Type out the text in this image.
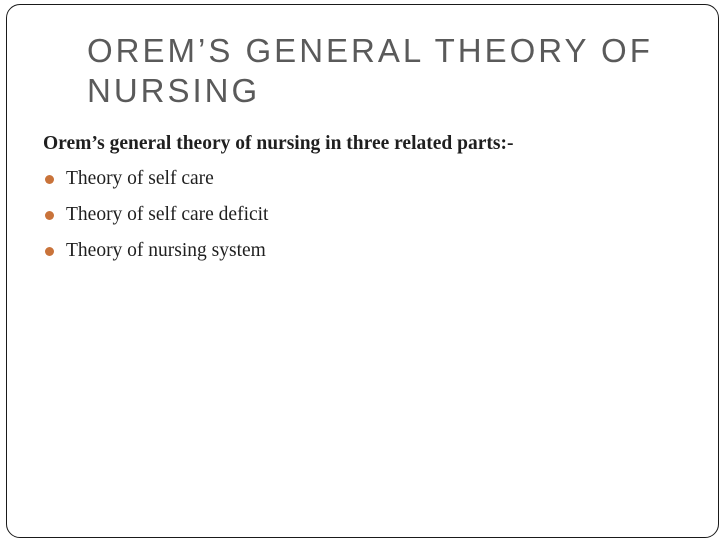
OREM’S GENERAL THEORY OF NURSING

Orem’s general theory of nursing in three related parts:-

Theory of self care
Theory of self care deficit
Theory of nursing system
